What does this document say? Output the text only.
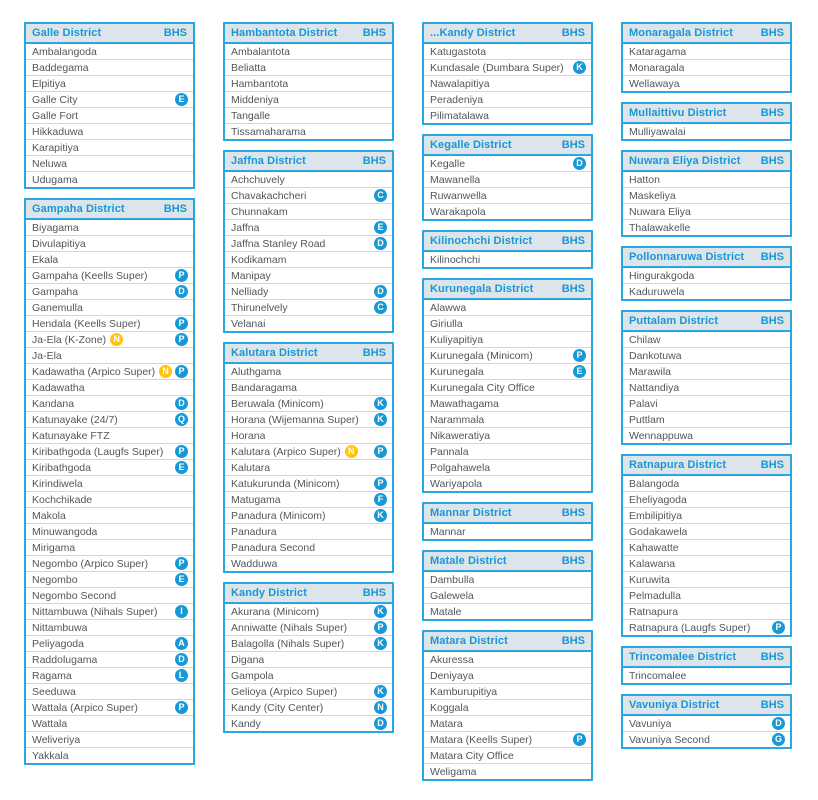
Galle District	BHS
Ambalangoda
Baddegama
Elpitiya
Galle City	E
Galle Fort
Hikkaduwa
Karapitiya
Neluwa
Udugama
Gampaha District	BHS
Biyagama
Divulapitiya
Ekala
Gampaha (Keells Super)	P
Gampaha	D
Ganemulla
Hendala (Keells Super)	P
Ja-Ela (K-Zone) N	P
Ja-Ela
Kadawatha (Arpico Super) N	P
Kadawatha
Kandana	D
Katunayake (24/7)	Q
Katunayake FTZ
Kiribathgoda (Laugfs Super)	P
Kiribathgoda	E
Kirindiwela
Kochchikade
Makola
Minuwangoda
Mirigama
Negombo (Arpico Super)	P
Negombo	E
Negombo Second
Nittambuwa (Nihals Super)	I
Nittambuwa
Peliyagoda	A
Raddolugama	D
Ragama	L
Seeduwa
Wattala (Arpico Super)	P
Wattala
Weliveriya
Yakkala
Hambantota District BHS
Ambalantota
Beliatta
Hambantota
Middeniya
Tangalle
Tissamaharama
Jaffna District	BHS
Achchuvely
Chavakachcheri	C
Chunnakam
Jaffna	E
Jaffna Stanley Road	D
Kodikamam
Manipay
Nelliady	D
Thirunelvely	C
Velanai
Kalutara District	BHS
Aluthgama
Bandaragama
Beruwala (Minicom)	K
Horana (Wijemanna Super)	K
Horana
Kalutara (Arpico Super) N	P
Kalutara
Katukurunda (Minicom)	P
Matugama	F
Panadura (Minicom)	K
Panadura
Panadura Second
Wadduwa
Kandy District	BHS
Akurana (Minicom)	K
Anniwatte (Nihals Super)	P
Balagolla (Nihals Super)	K
Digana
Gampola
Gelioya (Arpico Super)	K
Kandy (City Center)	N
Kandy	D
...Kandy District	BHS
Katugastota
Kundasale (Dumbara Super)	K
Nawalapitiya
Peradeniya
Pilimatalawa
Kegalle District	BHS
Kegalle	D
Mawanella
Ruwanwella
Warakapola
Kilinochchi District	BHS
Kilinochchi
Kurunegala District	BHS
Alawwa
Giriulla
Kuliyapitiya
Kurunegala (Minicom)	P
Kurunegala	E
Kurunegala City Office
Mawathagama
Narammala
Nikaweratiya
Pannala
Polgahawela
Wariyapola
Mannar District	BHS
Mannar
Matale District	BHS
Dambulla
Galewela
Matale
Matara District	BHS
Akuressa
Deniyaya
Kamburupitiya
Koggala
Matara
Matara (Keells Super)	P
Matara City Office
Weligama
Monaragala District	BHS
Kataragama
Monaragala
Wellawaya
Mullaittivu District	BHS
Mulliyawalai
Nuwara Eliya District BHS
Hatton
Maskeliya
Nuwara Eliya
Thalawakelle
Pollonnaruwa District BHS
Hingurakgoda
Kaduruwela
Puttalam District	BHS
Chilaw
Dankotuwa
Marawila
Nattandiya
Palavi
Puttlam
Wennappuwa
Ratnapura District	BHS
Balangoda
Eheliyagoda
Embilipitiya
Godakawela
Kahawatte
Kalawana
Kuruwita
Pelmadulla
Ratnapura
Ratnapura (Laugfs Super)	P
Trincomalee District BHS
Trincomalee
Vavuniya District	BHS
Vavuniya	D
Vavuniya Second	G
